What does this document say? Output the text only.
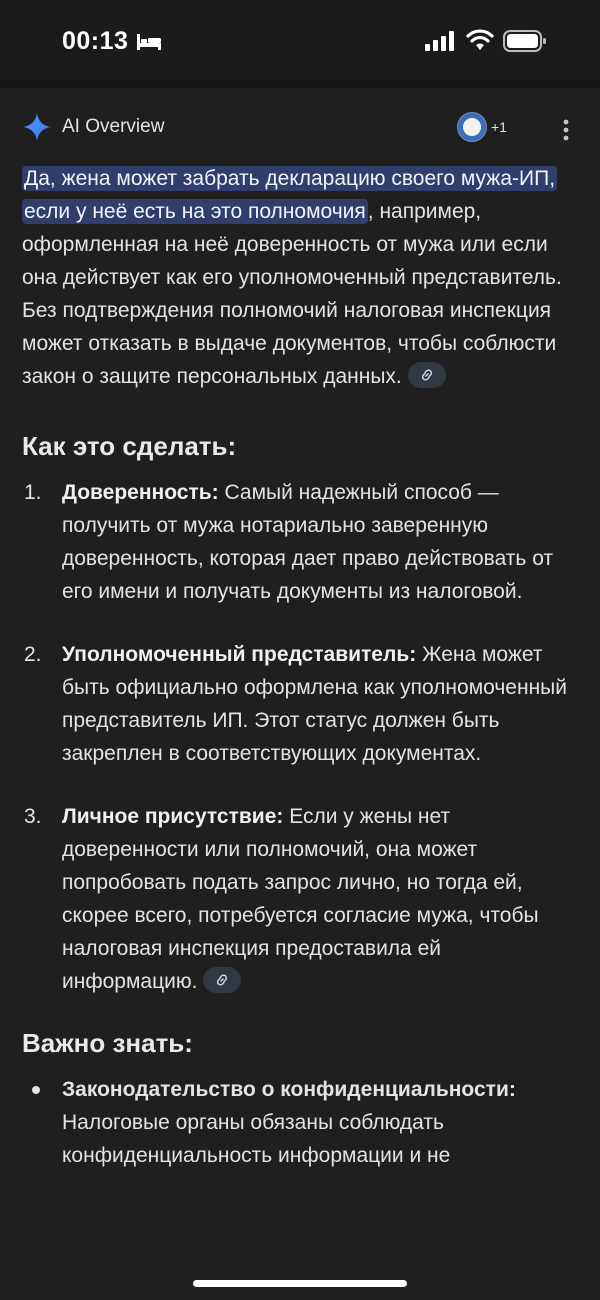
00:13
AI Overview	+1

Да, жена может забрать декларацию своего мужа-ИП, если у неё есть на это полномочия, например, оформленная на неё доверенность от мужа или если она действует как его уполномоченный представитель. Без подтверждения полномочий налоговая инспекция может отказать в выдаче документов, чтобы соблюсти закон о защите персональных данных.

Как это сделать:
1. Доверенность: Самый надежный способ — получить от мужа нотариально заверенную доверенность, которая дает право действовать от его имени и получать документы из налоговой.
2. Уполномоченный представитель: Жена может быть официально оформлена как уполномоченный представитель ИП. Этот статус должен быть закреплен в соответствующих документах.
3. Личное присутствие: Если у жены нет доверенности или полномочий, она может попробовать подать запрос лично, но тогда ей, скорее всего, потребуется согласие мужа, чтобы налоговая инспекция предоставила ей информацию.
Важно знать:
Законодательство о конфиденциальности: Налоговые органы обязаны соблюдать конфиденциальность информации и не
